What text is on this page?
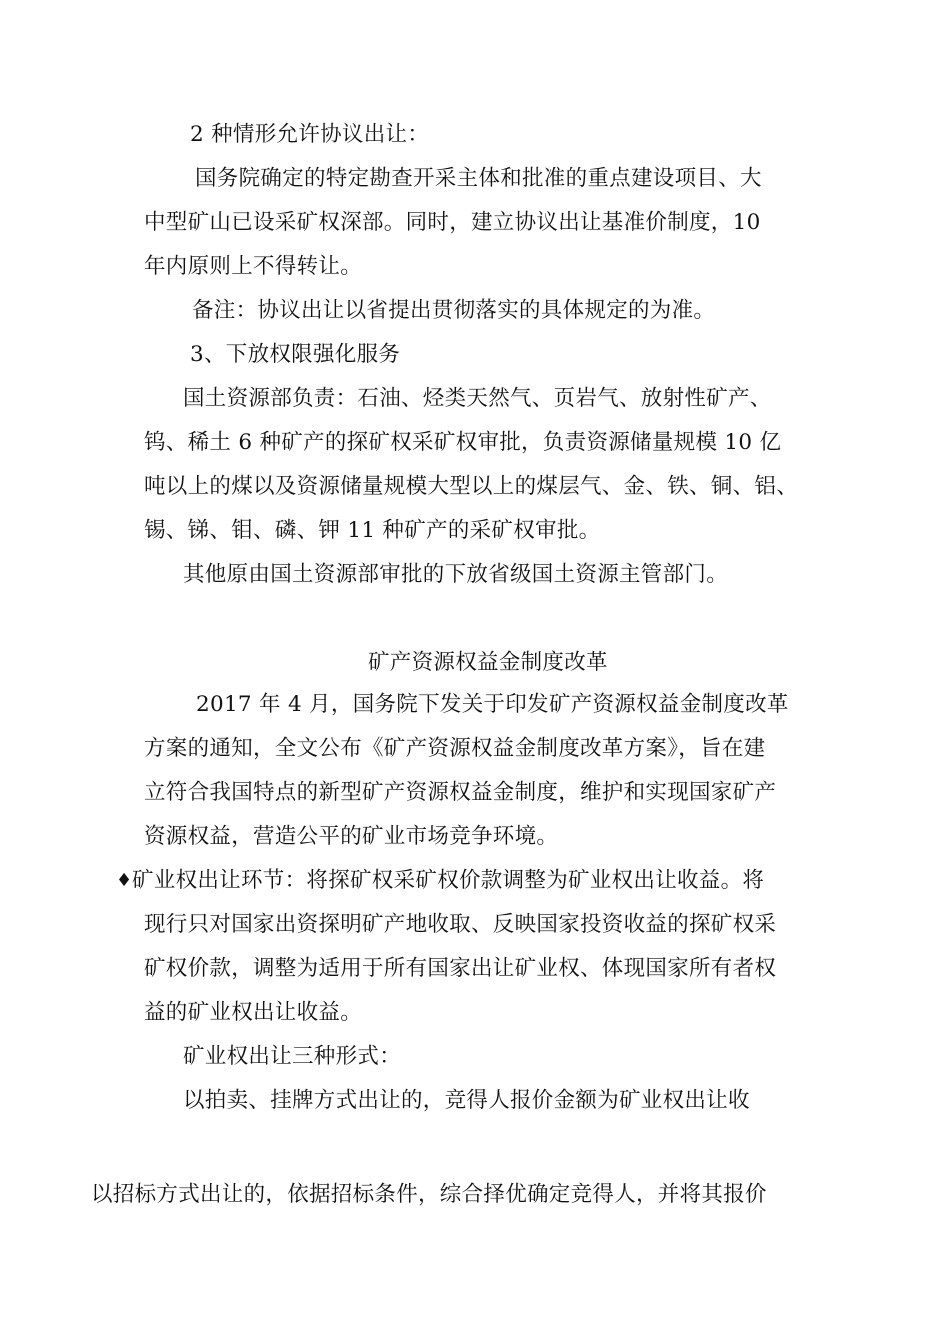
2 种情形允许协议出让：
国务院确定的特定勘查开采主体和批准的重点建设项目、大
中型矿山已设采矿权深部。同时，建立协议出让基准价制度，10
年内原则上不得转让。
备注：协议出让以省提出贯彻落实的具体规定的为准。
3、下放权限强化服务
国土资源部负责：石油、烃类天然气、页岩气、放射性矿产、
钨、稀土 6 种矿产的探矿权采矿权审批，负责资源储量规模 10 亿
吨以上的煤以及资源储量规模大型以上的煤层气、金、铁、铜、铝、
锡、锑、钼、磷、钾 11 种矿产的采矿权审批。
其他原由国土资源部审批的下放省级国土资源主管部门。
矿产资源权益金制度改革
2017 年 4 月，国务院下发关于印发矿产资源权益金制度改革
方案的通知，全文公布《矿产资源权益金制度改革方案》，旨在建
立符合我国特点的新型矿产资源权益金制度，维护和实现国家矿产
资源权益，营造公平的矿业市场竞争环境。
♦ 矿业权出让环节：将探矿权采矿权价款调整为矿业权出让收益。将
现行只对国家出资探明矿产地收取、反映国家投资收益的探矿权采
矿权价款，调整为适用于所有国家出让矿业权、体现国家所有者权
益的矿业权出让收益。
矿业权出让三种形式：
以拍卖、挂牌方式出让的，竞得人报价金额为矿业权出让收
以招标方式出让的，依据招标条件，综合择优确定竞得人，并将其报价
